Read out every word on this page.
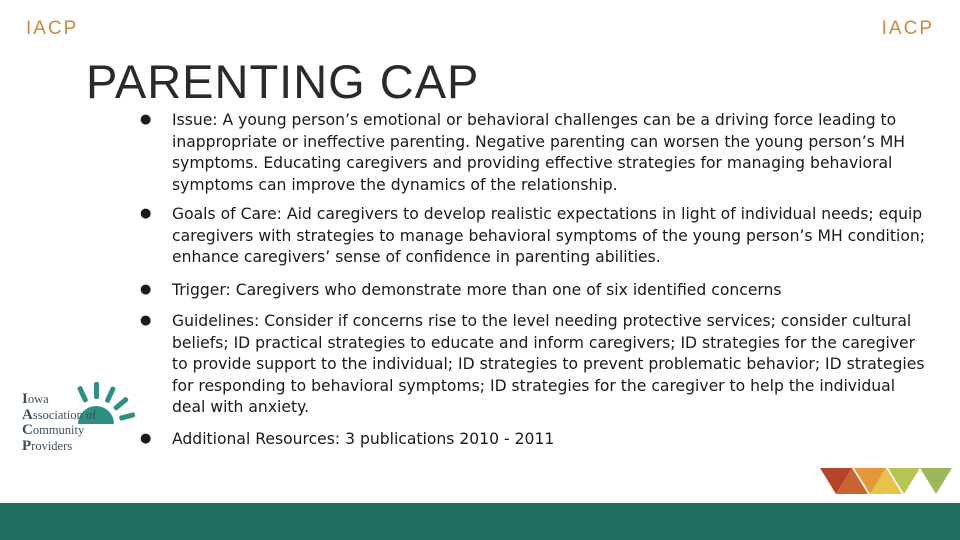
IACP	IACP
PARENTING CAP
● Issue: A young person’s emotional or behavioral challenges can be a driving force leading to inappropriate or ineffective parenting. Negative parenting can worsen the young person’s MH symptoms. Educating caregivers and providing effective strategies for managing behavioral symptoms can improve the dynamics of the relationship.
● Goals of Care: Aid caregivers to develop realistic expectations in light of individual needs; equip caregivers with strategies to manage behavioral symptoms of the young person’s MH condition; enhance caregivers’ sense of confidence in parenting abilities.
● Trigger: Caregivers who demonstrate more than one of six identified concerns
● Guidelines: Consider if concerns rise to the level needing protective services; consider cultural beliefs; ID practical strategies to educate and inform caregivers; ID strategies for the caregiver to provide support to the individual; ID strategies to prevent problematic behavior; ID strategies for responding to behavioral symptoms; ID strategies for the caregiver to help the individual deal with anxiety.
● Additional Resources: 3 publications 2010 - 2011
Iowa
Association of
Community
Providers
